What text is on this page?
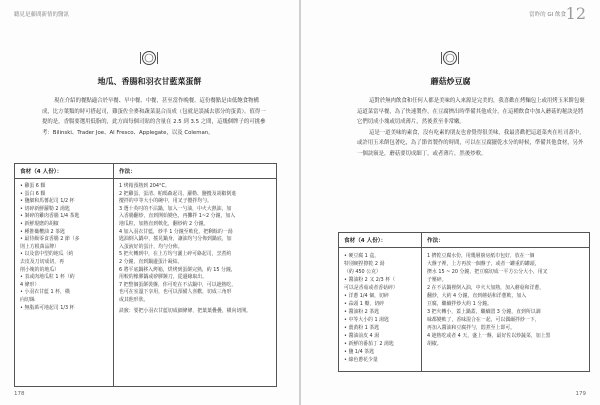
聽見是藤間新情的醫訊
地瓜、香腸和羽衣甘藍菜蛋餅

現在介紹的餐點適合於早餐、早中餐、中餐，甚至當作晚餐。這份餐點是由低飽食物構成，比方葉類的時可搭起司，雞蛋佐全麥和蔬菜混合而成（包就是誤減去那分的蛋黃）。值得一提的是，香腸要選用低脂的，此方面每個司貼的含量在 2.5 到 3.5 之間，這幾個牌子的可挑參考：Bilinski、Trader Joe、Al Fresco、Applegate，以及 Coleman。

食材（4 人份）：	作法：
• 雞蛋 6 顆
• 蛋白 6 顆
• 鹽細和馬薯起司 1/2 杯
• 切碎新鮮蘿勒 2 湯匙
• 剝碎的雞肉香腸 1/4 茶匙
• 新鮮現磨的胡椒
• 種推橄欖油 2 茶匙
• 最待級零食香腸 2 節（多
則上方根萬品牌）
• 以及當中型的地瓜（約
去皮及刀切成切，再
削小塊的的地瓜）
• 表或肉地瓜粒 1 杯（約
4 條形）
• 小羽衣甘藍 1 杯，橫
向切絲
• 無脂萬可地起司 1/3 杯
1 烤箱預熱到 204°C。
2 把雞蛋、蛋清、帕瑪森起司、蘿勒、鹽攪及胡椒倒進
攪拌的中等大小的碗中，用叉子攪拌均勻。
3 選十英吋的不沾鍋，加入一勺油，中火大熱油，加
入香腸翻炒，直到開始變色，再攤拌 1~2 分鐘，加入
地瓜粒，加熱直到軟化，翻炒約 2 分鐘。
4 加入羽衣甘藍，炒半 1 分鐘至軟化，把剩餘的一湯
匙油倒入鍋中，搖晃鍋身，讓油均勻分佈到鍋底，加
入蛋液好的蛋汁，均勻分佈。
5 把火轉到中，在上方均勻灑上碎可絡起司，烹煮約
2 分鐘，直到鍋邊蛋汁凝結。
6 將平底鍋移入烤箱，烘烤到蛋餅完熟，約 15 分鐘，
用較的橡膠鍋或矽膠鏟刀，從邊緣取出。
7 把整個蛋餅裝盤，你可吃在不沾鍋中，可以趁熱吃，
也可在室溫下享用，也可以預備人喜歡，切成三角形
或其他形狀。
訣竅：要把小羽衣甘藍切成細條條，把葉葉疊疊，橫向切開。
178
當昨的 GI 飲食 12
蘑菇炒豆腐

這對於無肉飲食和任何人都是美味的入來源是完美的，我喜歡在烤麵包上或用烤玉米餅包裹這道菜當早餐，為了快速製作，在豆腐擠出時準備其他成分，在這種飲食中加入蘑菇的秘訣是將它們切成小塊或切成薄片，然後煮至非常嫩。

這是一道美味的素食，沒有吃素的朋友也會覺得很美味，我最喜歡把這道菜夾在吐司蓋中，或許用玉米餅包著吃，為了節省製作的時間，可以在豆腐擺乾水分的時候，準備其他食材，另外一個訣竅是，蘑菇要切成細丁，或者薄片，然後炒軟。

食材（4 人份）：	作法：
• 硬豆腐 1 盒，
特別硬捏擦乾 2 湯
（約 450 公克）
• 醬油粉 2 又 2/3 杯（
可以是香菇或者香菇碎）
• 洋蔥 1/4 個，切碎
• 蒜頭 1 瓣，切碎
• 醬油粉 2 茶匙
• 中等大小的 1 湯匙
• 薑黃粉 1 茶匙
• 醬油前皮 4 湯
• 新鮮的番茄丁 2 湯匙
• 鹽 1/4 茶匙
• 綠色蔥花少量
1 擠乾豆腐水份，用幾層廚房紙巾包好，放在一個
大盤子裡，上方再放一個盤子，或者一罐重的罐頭，
擠水 15 ~ 20 分鐘，把豆腐切成一平方公分大小，用叉
子壓碎。
2 在不沾鍋裡倒入油，中火大加熱，加入蘑菇和洋蔥，
翻炒，大約 4 分鐘，直到蘑菇和洋蔥軟，加入
豆腐，繼續拌炒大約 1 分鐘。
3 把火轉小，蓋上鍋蓋，繼續悶 3 分鐘，直到所以調
味都變軟了，香味混合在一起，可以偶爾拌炒一下，
再加入醬油和豆腐拌勻，悶煮至上即可。
4 趁熱吃或者 4 天，盛上一盤，最好佐以炒蔬菜，加上黑
胡椒。
179
